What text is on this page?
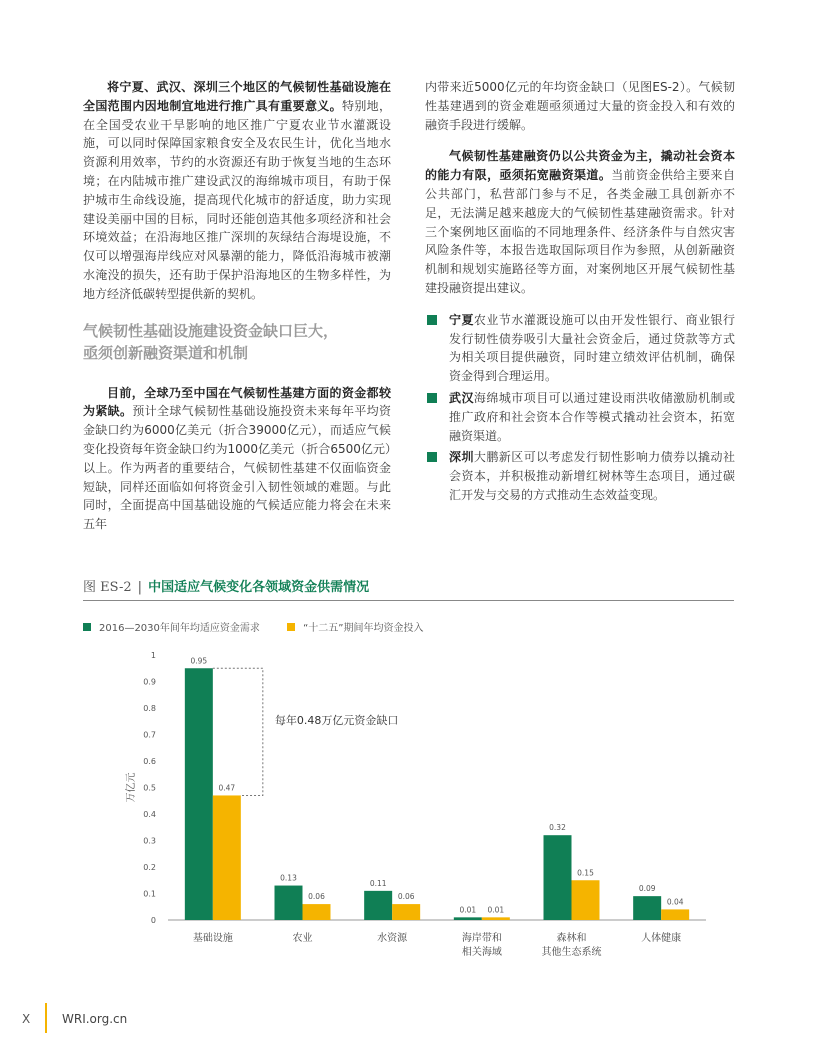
将宁夏、武汉、深圳三个地区的气候韧性基础设施在全国范围内因地制宜地进行推广具有重要意义。特别地，在全国受农业干旱影响的地区推广宁夏农业节水灌溉设施，可以同时保障国家粮食安全及农民生计，优化当地水资源利用效率，节约的水资源还有助于恢复当地的生态环境；在内陆城市推广建设武汉的海绵城市项目，有助于保护城市生命线设施，提高现代化城市的舒适度，助力实现建设美丽中国的目标，同时还能创造其他多项经济和社会环境效益；在沿海地区推广深圳的灰绿结合海堤设施，不仅可以增强海岸线应对风暴潮的能力，降低沿海城市被潮水淹没的损失，还有助于保护沿海地区的生物多样性，为地方经济低碳转型提供新的契机。

气候韧性基础设施建设资金缺口巨大，
亟须创新融资渠道和机制

目前，全球乃至中国在气候韧性基建方面的资金都较为紧缺。预计全球气候韧性基础设施投资未来每年平均资金缺口约为6000亿美元（折合39000亿元），而适应气候变化投资每年资金缺口约为1000亿美元（折合6500亿元）以上。作为两者的重要结合，气候韧性基建不仅面临资金短缺，同样还面临如何将资金引入韧性领域的难题。与此同时，全面提高中国基础设施的气候适应能力将会在未来五年

内带来近5000亿元的年均资金缺口（见图ES-2）。气候韧性基建遇到的资金难题亟须通过大量的资金投入和有效的融资手段进行缓解。

气候韧性基建融资仍以公共资金为主，撬动社会资本的能力有限，亟须拓宽融资渠道。当前资金供给主要来自公共部门，私营部门参与不足，各类金融工具创新亦不足，无法满足越来越庞大的气候韧性基建融资需求。针对三个案例地区面临的不同地理条件、经济条件与自然灾害风险条件等，本报告选取国际项目作为参照，从创新融资机制和规划实施路径等方面，对案例地区开展气候韧性基建投融资提出建议。

宁夏农业节水灌溉设施可以由开发性银行、商业银行发行韧性债券吸引大量社会资金后，通过贷款等方式为相关项目提供融资，同时建立绩效评估机制，确保资金得到合理运用。
武汉海绵城市项目可以通过建设雨洪收储激励机制或推广政府和社会资本合作等模式撬动社会资本，拓宽融资渠道。
深圳大鹏新区可以考虑发行韧性影响力债券以撬动社会资本，并积极推动新增红树林等生态项目，通过碳汇开发与交易的方式推动生态效益变现。
图 ES-2 | 中国适应气候变化各领域资金供需情况
2016—2030年间年均适应资金需求
	“十二五”期间年均资金投入
0
0.1
0.2
0.3
0.4
0.5
0.6
0.7
0.8
0.9
1
万亿元
0.95
0.47
基础设施
0.13
0.06
农业
0.11
0.06
水资源
0.01 0.01
海岸带和
相关海域
0.32
0.15
森林和
其他生态系统
0.09
0.04
人体健康
每年0.48万亿元资金缺口
X	WRI.org.cn
